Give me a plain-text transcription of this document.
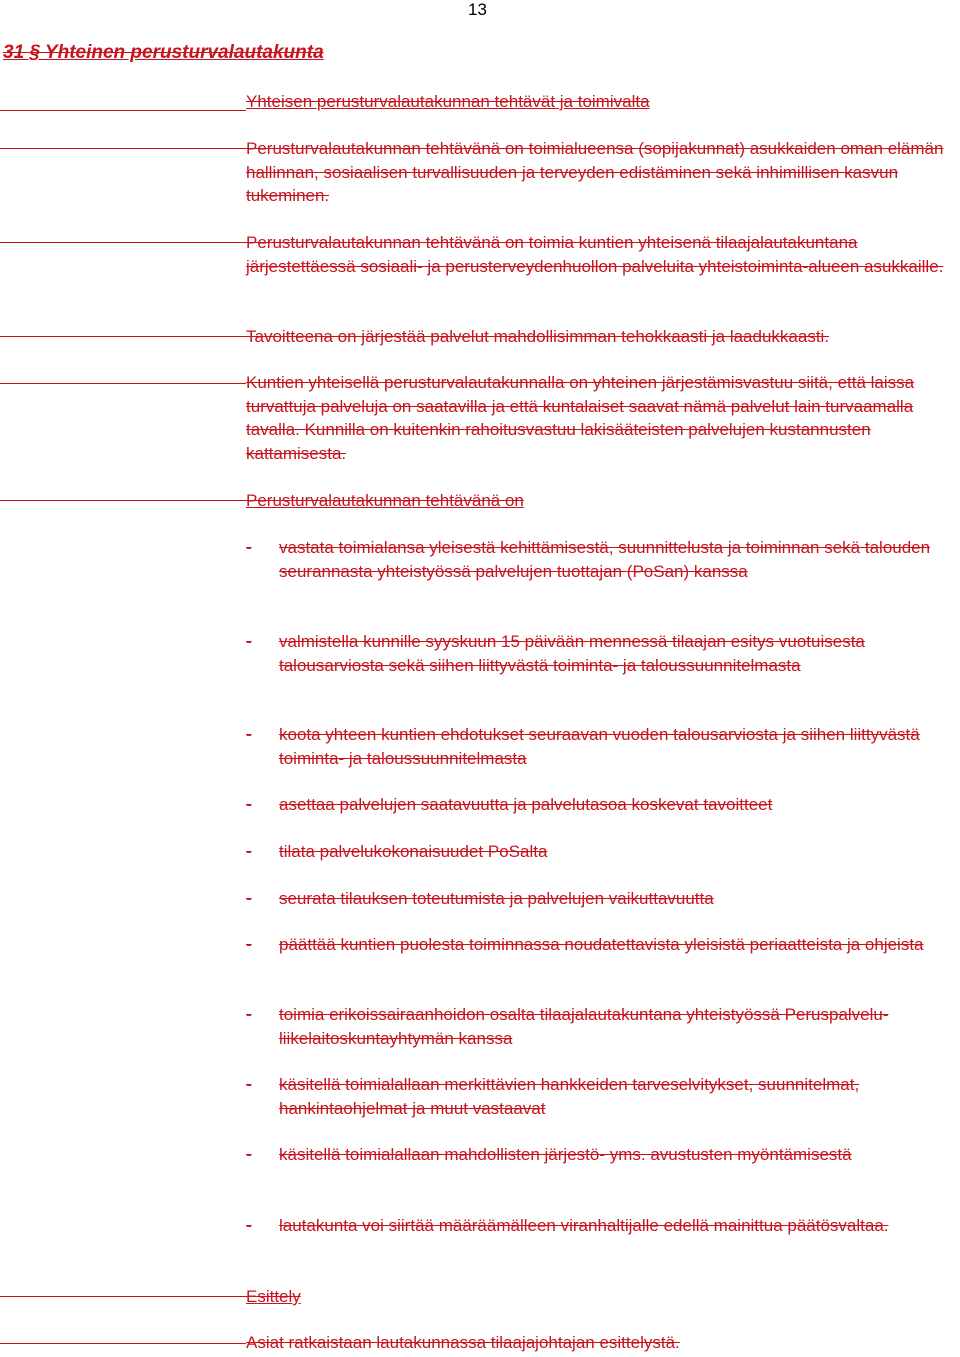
13
31 § Yhteinen perusturvalautakunta

Yhteisen perusturvalautakunnan tehtävät ja toimivalta

Perusturvalautakunnan tehtävänä on toimialueensa (sopijakunnat) asukkaiden oman elämän hallinnan, sosiaalisen turvallisuuden ja terveyden edistäminen sekä inhimillisen kasvun tukeminen.

Perusturvalautakunnan tehtävänä on toimia kuntien yhteisenä tilaajalautakuntana järjestettäessä sosiaali- ja perusterveydenhuollon palveluita yhteistoiminta-alueen asukkaille.

Tavoitteena on järjestää palvelut mahdollisimman tehokkaasti ja laadukkaasti.

Kuntien yhteisellä perusturvalautakunnalla on yhteinen järjestämisvastuu siitä, että laissa turvattuja palveluja on saatavilla ja että kuntalaiset saavat nämä palvelut lain turvaamalla tavalla. Kunnilla on kuitenkin rahoitusvastuu lakisääteisten palvelujen kustannusten kattamisesta.

Perusturvalautakunnan tehtävänä on

- vastata toimialansa yleisestä kehittämisestä, suunnittelusta ja toiminnan sekä talouden seurannasta yhteistyössä palvelujen tuottajan (PoSan) kanssa
- valmistella kunnille syyskuun 15 päivään mennessä tilaajan esitys vuotuisesta talousarviosta sekä siihen liittyvästä toiminta- ja taloussuunnitelmasta
- koota yhteen kuntien ehdotukset seuraavan vuoden talousarviosta ja siihen liittyvästä toiminta- ja taloussuunnitelmasta
- asettaa palvelujen saatavuutta ja palvelutasoa koskevat tavoitteet
- tilata palvelukokonaisuudet PoSalta
- seurata tilauksen toteutumista ja palvelujen vaikuttavuutta
- päättää kuntien puolesta toiminnassa noudatettavista yleisistä periaatteista ja ohjeista
- toimia erikoissairaanhoidon osalta tilaajalautakuntana yhteistyössä Peruspalvelu-liikelaitoskuntayhtymän kanssa
- käsitellä toimialallaan merkittävien hankkeiden tarveselvitykset, suunnitelmat, hankintaohjelmat ja muut vastaavat
- käsitellä toimialallaan mahdollisten järjestö- yms. avustusten myöntämisestä
- lautakunta voi siirtää määräämälleen viranhaltijalle edellä mainittua päätösvaltaa.

Esittely

Asiat ratkaistaan lautakunnassa tilaajajohtajan esittelystä.
